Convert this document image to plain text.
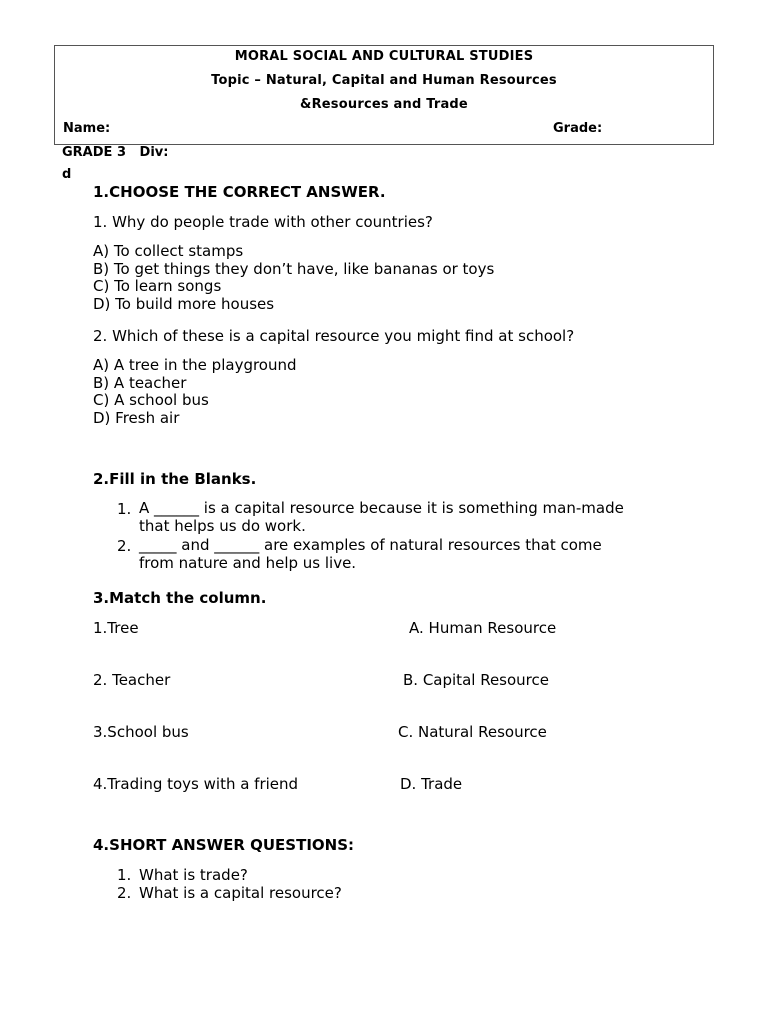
MORAL SOCIAL AND CULTURAL STUDIES
Topic – Natural, Capital and Human Resources
&Resources and Trade
Name:	Grade:
GRADE 3   Div:
d
1.CHOOSE THE CORRECT ANSWER.
1. Why do people trade with other countries?
A) To collect stamps
B) To get things they don’t have, like bananas or toys
C) To learn songs
D) To build more houses
2. Which of these is a capital resource you might find at school?
A) A tree in the playground
B) A teacher
C) A school bus
D) Fresh air
2.Fill in the Blanks.
1. A ______ is a capital resource because it is something man-made
that helps us do work.
2. _____ and ______ are examples of natural resources that come
from nature and help us live.
3.Match the column.
1.Tree	A. Human Resource
2. Teacher	B. Capital Resource
3.School bus	C. Natural Resource
4.Trading toys with a friend	D. Trade
4.SHORT ANSWER QUESTIONS:
1. What is trade?
2. What is a capital resource?
